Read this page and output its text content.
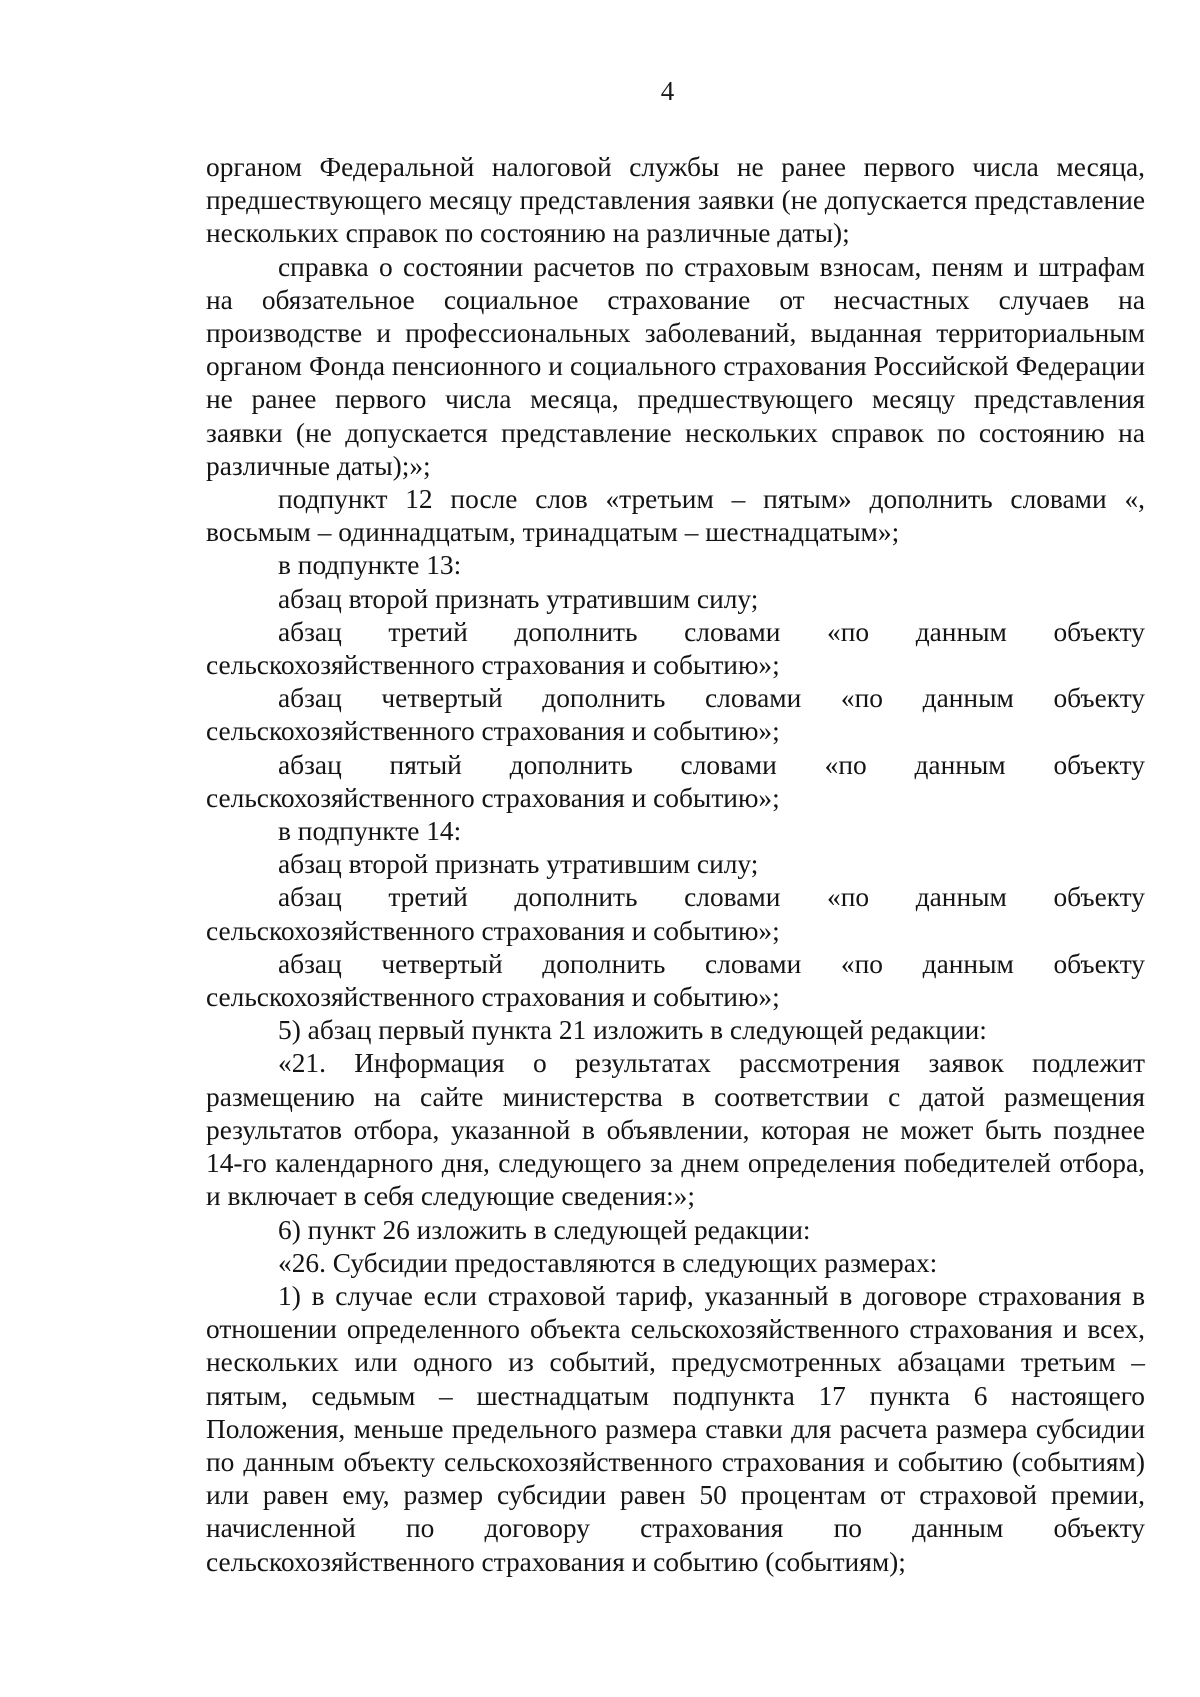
4

органом Федеральной налоговой службы не ранее первого числа месяца, предшествующего месяцу представления заявки (не допускается представление нескольких справок по состоянию на различные даты);

справка о состоянии расчетов по страховым взносам, пеням и штрафам на обязательное социальное страхование от несчастных случаев на производстве и профессиональных заболеваний, выданная территориальным органом Фонда пенсионного и социального страхования Российской Федерации не ранее первого числа месяца, предшествующего месяцу представления заявки (не допускается представление нескольких справок по состоянию на различные даты);»;

подпункт 12 после слов «третьим – пятым» дополнить словами «, восьмым – одиннадцатым, тринадцатым – шестнадцатым»;

в подпункте 13:

абзац второй признать утратившим силу;

абзац третий дополнить словами «по данным объекту сельскохозяйственного страхования и событию»;

абзац четвертый дополнить словами «по данным объекту сельскохозяйственного страхования и событию»;

абзац пятый дополнить словами «по данным объекту сельскохозяйственного страхования и событию»;

в подпункте 14:

абзац второй признать утратившим силу;

абзац третий дополнить словами «по данным объекту сельскохозяйственного страхования и событию»;

абзац четвертый дополнить словами «по данным объекту сельскохозяйственного страхования и событию»;

5) абзац первый пункта 21 изложить в следующей редакции:

«21. Информация о результатах рассмотрения заявок подлежит размещению на сайте министерства в соответствии с датой размещения результатов отбора, указанной в объявлении, которая не может быть позднее 14-го календарного дня, следующего за днем определения победителей отбора, и включает в себя следующие сведения:»;

6) пункт 26 изложить в следующей редакции:

«26. Субсидии предоставляются в следующих размерах:

1) в случае если страховой тариф, указанный в договоре страхования в отношении определенного объекта сельскохозяйственного страхования и всех, нескольких или одного из событий, предусмотренных абзацами третьим – пятым, седьмым – шестнадцатым подпункта 17 пункта 6 настоящего Положения, меньше предельного размера ставки для расчета размера субсидии по данным объекту сельскохозяйственного страхования и событию (событиям) или равен ему, размер субсидии равен 50 процентам от страховой премии, начисленной по договору страхования по данным объекту сельскохозяйственного страхования и событию (событиям);
